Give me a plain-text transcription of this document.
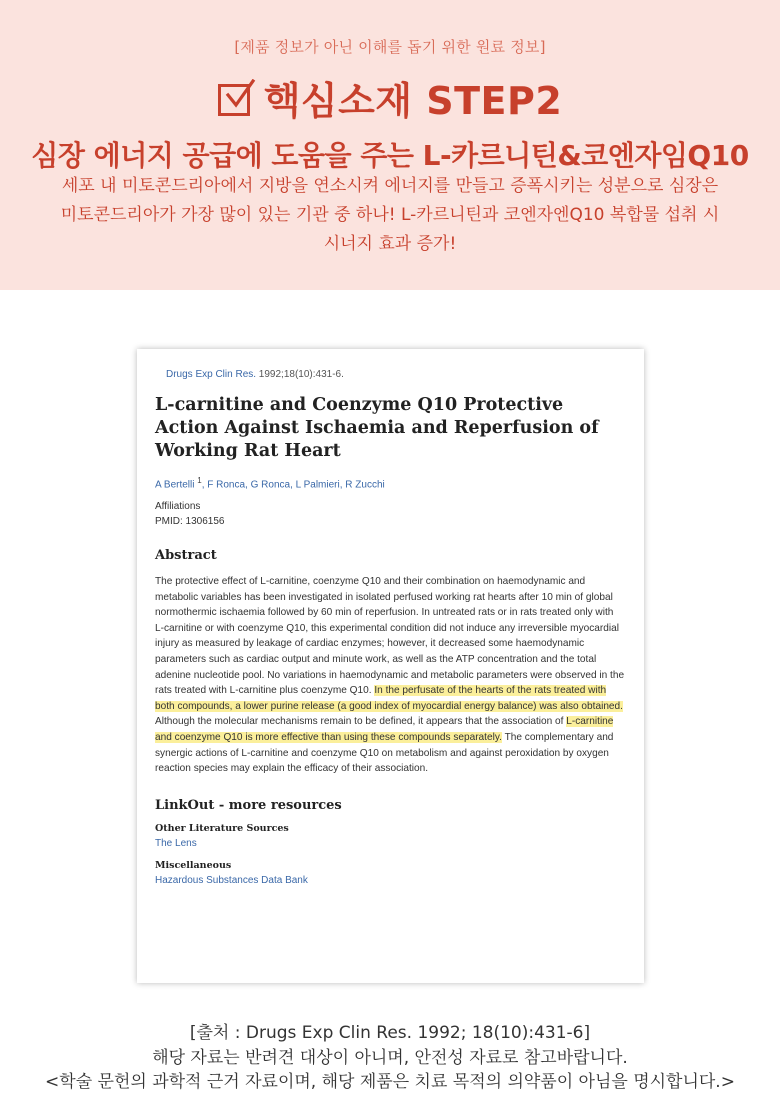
[제품 정보가 아닌 이해를 돕기 위한 원료 정보]
핵심소재 STEP2
심장 에너지 공급에 도움을 주는 L-카르니틴&코엔자임Q10
세포 내 미토콘드리아에서 지방을 연소시켜 에너지를 만들고 증폭시키는 성분으로 심장은
미토콘드리아가 가장 많이 있는 기관 중 하나! L-카르니틴과 코엔자엔Q10 복합물 섭취 시
시너지 효과 증가!
Drugs Exp Clin Res. 1992;18(10):431-6.
L-carnitine and Coenzyme Q10 Protective Action Against Ischaemia and Reperfusion of Working Rat Heart
A Bertelli $^1$, F Ronca, G Ronca, L Palmieri, R Zucchi
Affiliations
PMID: 1306156
Abstract
The protective effect of L-carnitine, coenzyme Q10 and their combination on haemodynamic and metabolic variables has been investigated in isolated perfused working rat hearts after 10 min of global normothermic ischaemia followed by 60 min of reperfusion. In untreated rats or in rats treated only with L-carnitine or with coenzyme Q10, this experimental condition did not induce any irreversible myocardial injury as measured by leakage of cardiac enzymes; however, it decreased some haemodynamic parameters such as cardiac output and minute work, as well as the ATP concentration and the total adenine nucleotide pool. No variations in haemodynamic and metabolic parameters were observed in the rats treated with L-carnitine plus coenzyme Q10. In the perfusate of the hearts of the rats treated with both compounds, a lower purine release (a good index of myocardial energy balance) was also obtained. Although the molecular mechanisms remain to be defined, it appears that the association of L-carnitine and coenzyme Q10 is more effective than using these compounds separately. The complementary and synergic actions of L-carnitine and coenzyme Q10 on metabolism and against peroxidation by oxygen reaction species may explain the efficacy of their association.
LinkOut - more resources
Other Literature Sources
The Lens
Miscellaneous
Hazardous Substances Data Bank
[출처 : Drugs Exp Clin Res. 1992; 18(10):431-6]
해당 자료는 반려견 대상이 아니며, 안전성 자료로 참고바랍니다.
<학술 문헌의 과학적 근거 자료이며, 해당 제품은 치료 목적의 의약품이 아님을 명시합니다.>
